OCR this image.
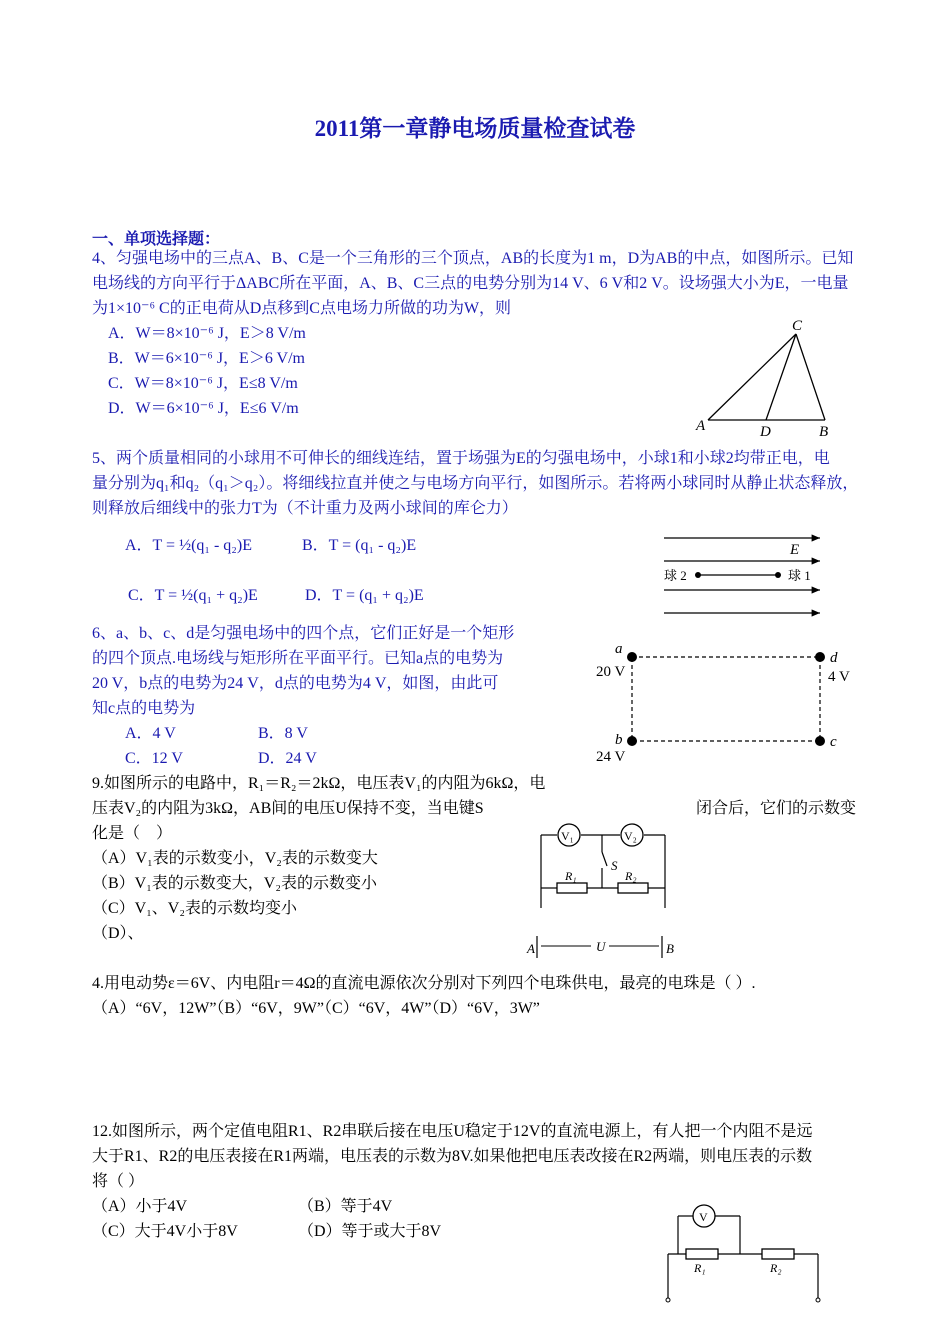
2011第一章静电场质量检查试卷
一、单项选择题：
4、匀强电场中的三点A、B、C是一个三角形的三个顶点，AB的长度为1 m，D为AB的中点，如图所示。已知
电场线的方向平行于ΔABC所在平面，A、B、C三点的电势分别为14 V、6 V和2 V。设场强大小为E，一电量
为1×10⁻⁶ C的正电荷从D点移到C点电场力所做的功为W，则
A．W＝8×10⁻⁶ J，E＞8 V/m
B．W＝6×10⁻⁶ J，E＞6 V/m
C．W＝8×10⁻⁶ J，E≤8 V/m
D．W＝6×10⁻⁶ J，E≤6 V/m
C
A	D	B
5、两个质量相同的小球用不可伸长的细线连结，置于场强为E的匀强电场中，小球1和小球2均带正电，电
量分别为q₁和q₂（q₁＞q₂）。将细线拉直并使之与电场方向平行，如图所示。若将两小球同时从静止状态释放，
则释放后细线中的张力T为（不计重力及两小球间的库仑力）
A．T = ½(q₁ - q₂)E	B．T = (q₁ - q₂)E
C．T = ½(q₁ + q₂)E	D．T = (q₁ + q₂)E
E
球 2	球 1
6、a、b、c、d是匀强电场中的四个点，它们正好是一个矩形
的四个顶点.电场线与矩形所在平面平行。已知a点的电势为
20 V，b点的电势为24 V，d点的电势为4 V，如图，由此可
知c点的电势为
A．4 V	B．8 V
C．12 V	D．24 V
a
20 V
d
4 V
b
24 V
c
9.如图所示的电路中，R₁＝R₂＝2kΩ，电压表V₁的内阻为6kΩ，电
压表V₂的内阻为3kΩ，AB间的电压U保持不变，当电键S	闭合后，它们的示数变
化是（　）
（A）V₁表的示数变小，V₂表的示数变大
（B）V₁表的示数变大，V₂表的示数变小
（C）V₁、V₂表的示数均变小
（D）、
V₁	V₂
S
R₁	R₂
A	U	B
4.用电动势ε＝6V、内电阻r＝4Ω的直流电源依次分别对下列四个电珠供电，最亮的电珠是（ ）.
（A）“6V，12W”（B）“6V，9W”（C）“6V，4W”（D）“6V，3W”
12.如图所示，两个定值电阻R1、R2串联后接在电压U稳定于12V的直流电源上，有人把一个内阻不是远
大于R1、R2的电压表接在R1两端，电压表的示数为8V.如果他把电压表改接在R2两端，则电压表的示数
将（ ）
（A）小于4V	（B）等于4V
（C）大于4V小于8V	（D）等于或大于8V
V
R₁	R₂
